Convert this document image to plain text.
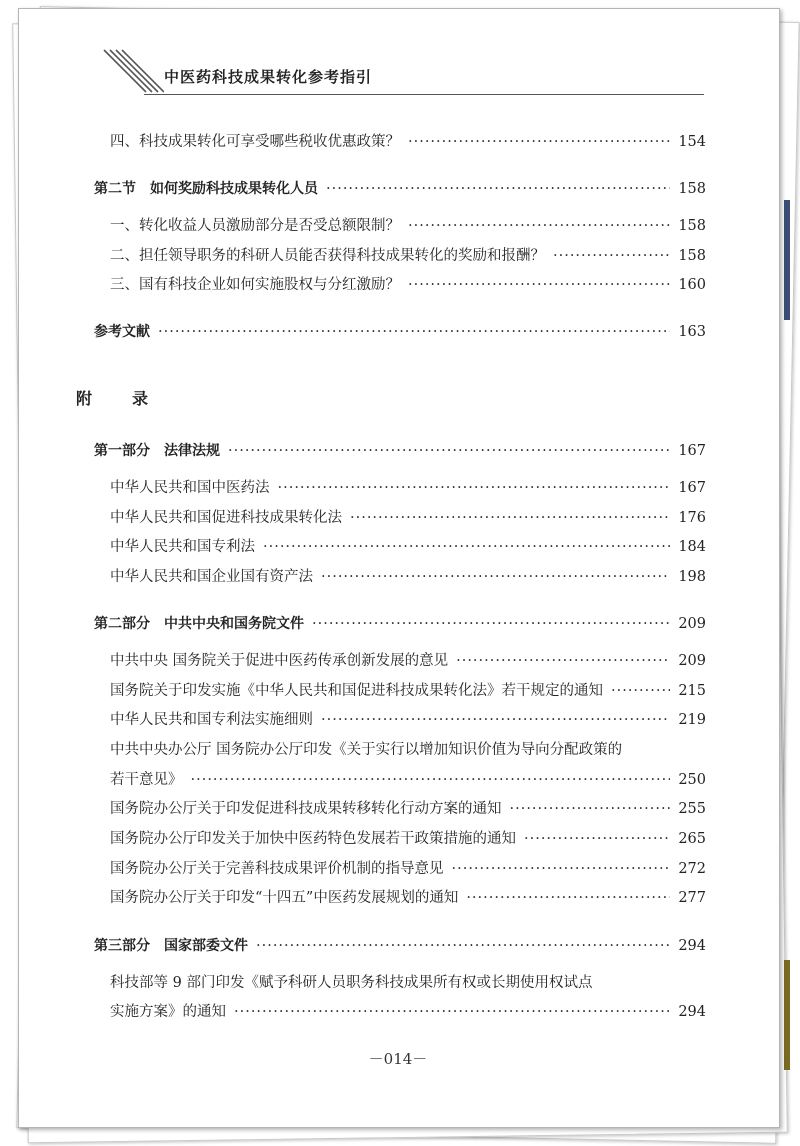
中医药科技成果转化参考指引
四、科技成果转化可享受哪些税收优惠政策？ ·····	154
第二节　如何奖励科技成果转化人员 ·····	158
一、转化收益人员激励部分是否受总额限制？ ·····	158
二、担任领导职务的科研人员能否获得科技成果转化的奖励和报酬？ ·····	158
三、国有科技企业如何实施股权与分红激励？ ·····	160
参考文献 ·····	163
附　录
第一部分　法律法规 ·····	167
中华人民共和国中医药法 ·····	167
中华人民共和国促进科技成果转化法 ·····	176
中华人民共和国专利法 ·····	184
中华人民共和国企业国有资产法 ·····	198
第二部分　中共中央和国务院文件 ·····	209
中共中央 国务院关于促进中医药传承创新发展的意见 ·····	209
国务院关于印发实施《中华人民共和国促进科技成果转化法》若干规定的通知 ·····	215
中华人民共和国专利法实施细则 ·····	219
中共中央办公厅 国务院办公厅印发《关于实行以增加知识价值为导向分配政策的
若干意见》 ·····	250
国务院办公厅关于印发促进科技成果转移转化行动方案的通知 ·····	255
国务院办公厅印发关于加快中医药特色发展若干政策措施的通知 ·····	265
国务院办公厅关于完善科技成果评价机制的指导意见 ·····	272
国务院办公厅关于印发“十四五”中医药发展规划的通知 ·····	277
第三部分　国家部委文件 ·····	294
科技部等 9 部门印发《赋予科研人员职务科技成果所有权或长期使用权试点
实施方案》的通知 ·····	294
－014－
